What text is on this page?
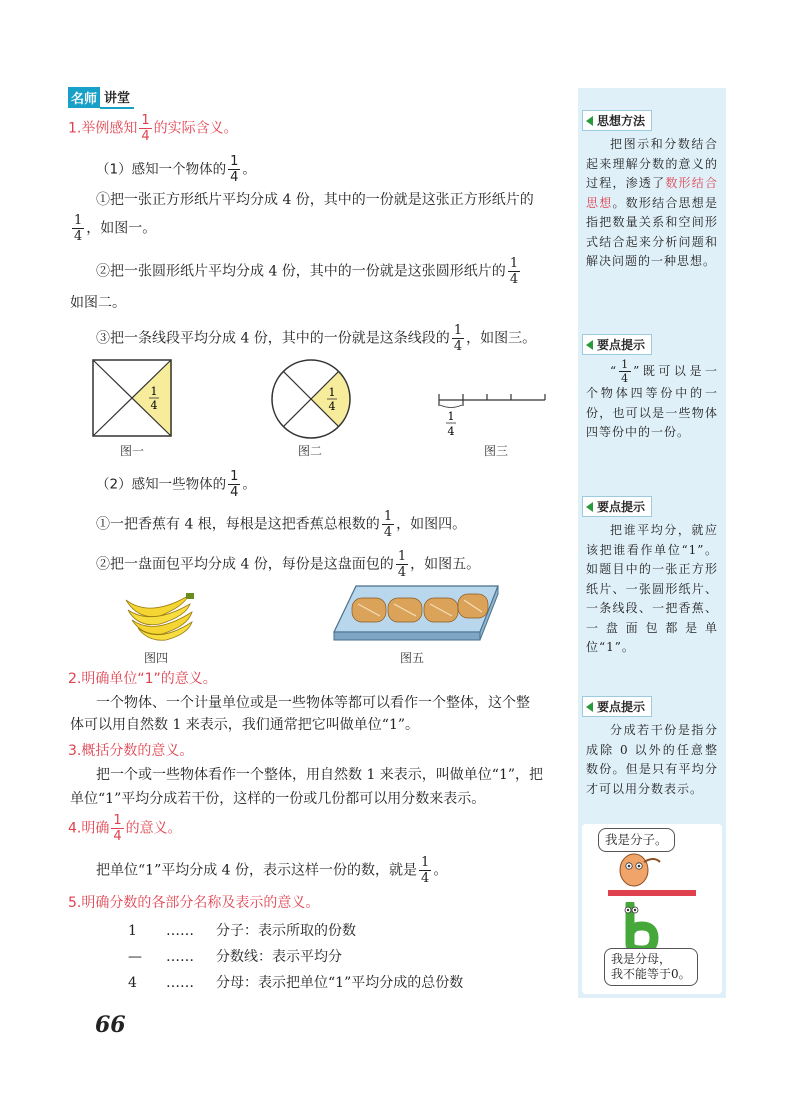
名师 讲堂
1.举例感知 $\frac{1}{4}$ 的实际含义。
（1）感知一个物体的 $\frac{1}{4}$ 。
①把一张正方形纸片平均分成 4 份，其中的一份就是这张正方形纸片的
$\frac{1}{4}$ ，如图一。
②把一张圆形纸片平均分成 4 份，其中的一份就是这张圆形纸片的 $\frac{1}{4}$
如图二。
③把一条线段平均分成 4 份，其中的一份就是这条线段的 $\frac{1}{4}$ ，如图三。
1
4
图一
1
4
图二
1
4
图三
（2）感知一些物体的 $\frac{1}{4}$ 。
①一把香蕉有 4 根，每根是这把香蕉总根数的 $\frac{1}{4}$ ，如图四。
②把一盘面包平均分成 4 份，每份是这盘面包的 $\frac{1}{4}$ ，如图五。
图四	图五
2.明确单位“1”的意义。
一个物体、一个计量单位或是一些物体等都可以看作一个整体，这个整
体可以用自然数 1 来表示，我们通常把它叫做单位“1”。
3.概括分数的意义。
把一个或一些物体看作一个整体，用自然数 1 来表示，叫做单位“1”，把
单位“1”平均分成若干份，这样的一份或几份都可以用分数来表示。
4.明确 $\frac{1}{4}$ 的意义。
把单位“1”平均分成 4 份，表示这样一份的数，就是 $\frac{1}{4}$ 。
5.明确分数的各部分名称及表示的意义。
1	……	分子：表示所取的份数
—	……	分数线：表示平均分
4	……	分母：表示把单位“1”平均分成的总份数
66
思想方法
把图示和分数结合起来理解分数的意义的过程，渗透了数形结合思想。数形结合思想是指把数量关系和空间形式结合起来分析问题和解决问题的一种思想。
要点提示
“ $\frac{1}{4}$ ”既可以是一个物体四等份中的一份，也可以是一些物体四等份中的一份。
要点提示
把谁平均分，就应该把谁看作单位“1”。如题目中的一张正方形纸片、一张圆形纸片、一条线段、一把香蕉、一盘面包都是单位“1”。
要点提示
分成若干份是指分成除 0 以外的任意整数份。但是只有平均分才可以用分数表示。
我是分子。
我是分母，
我不能等于0。
